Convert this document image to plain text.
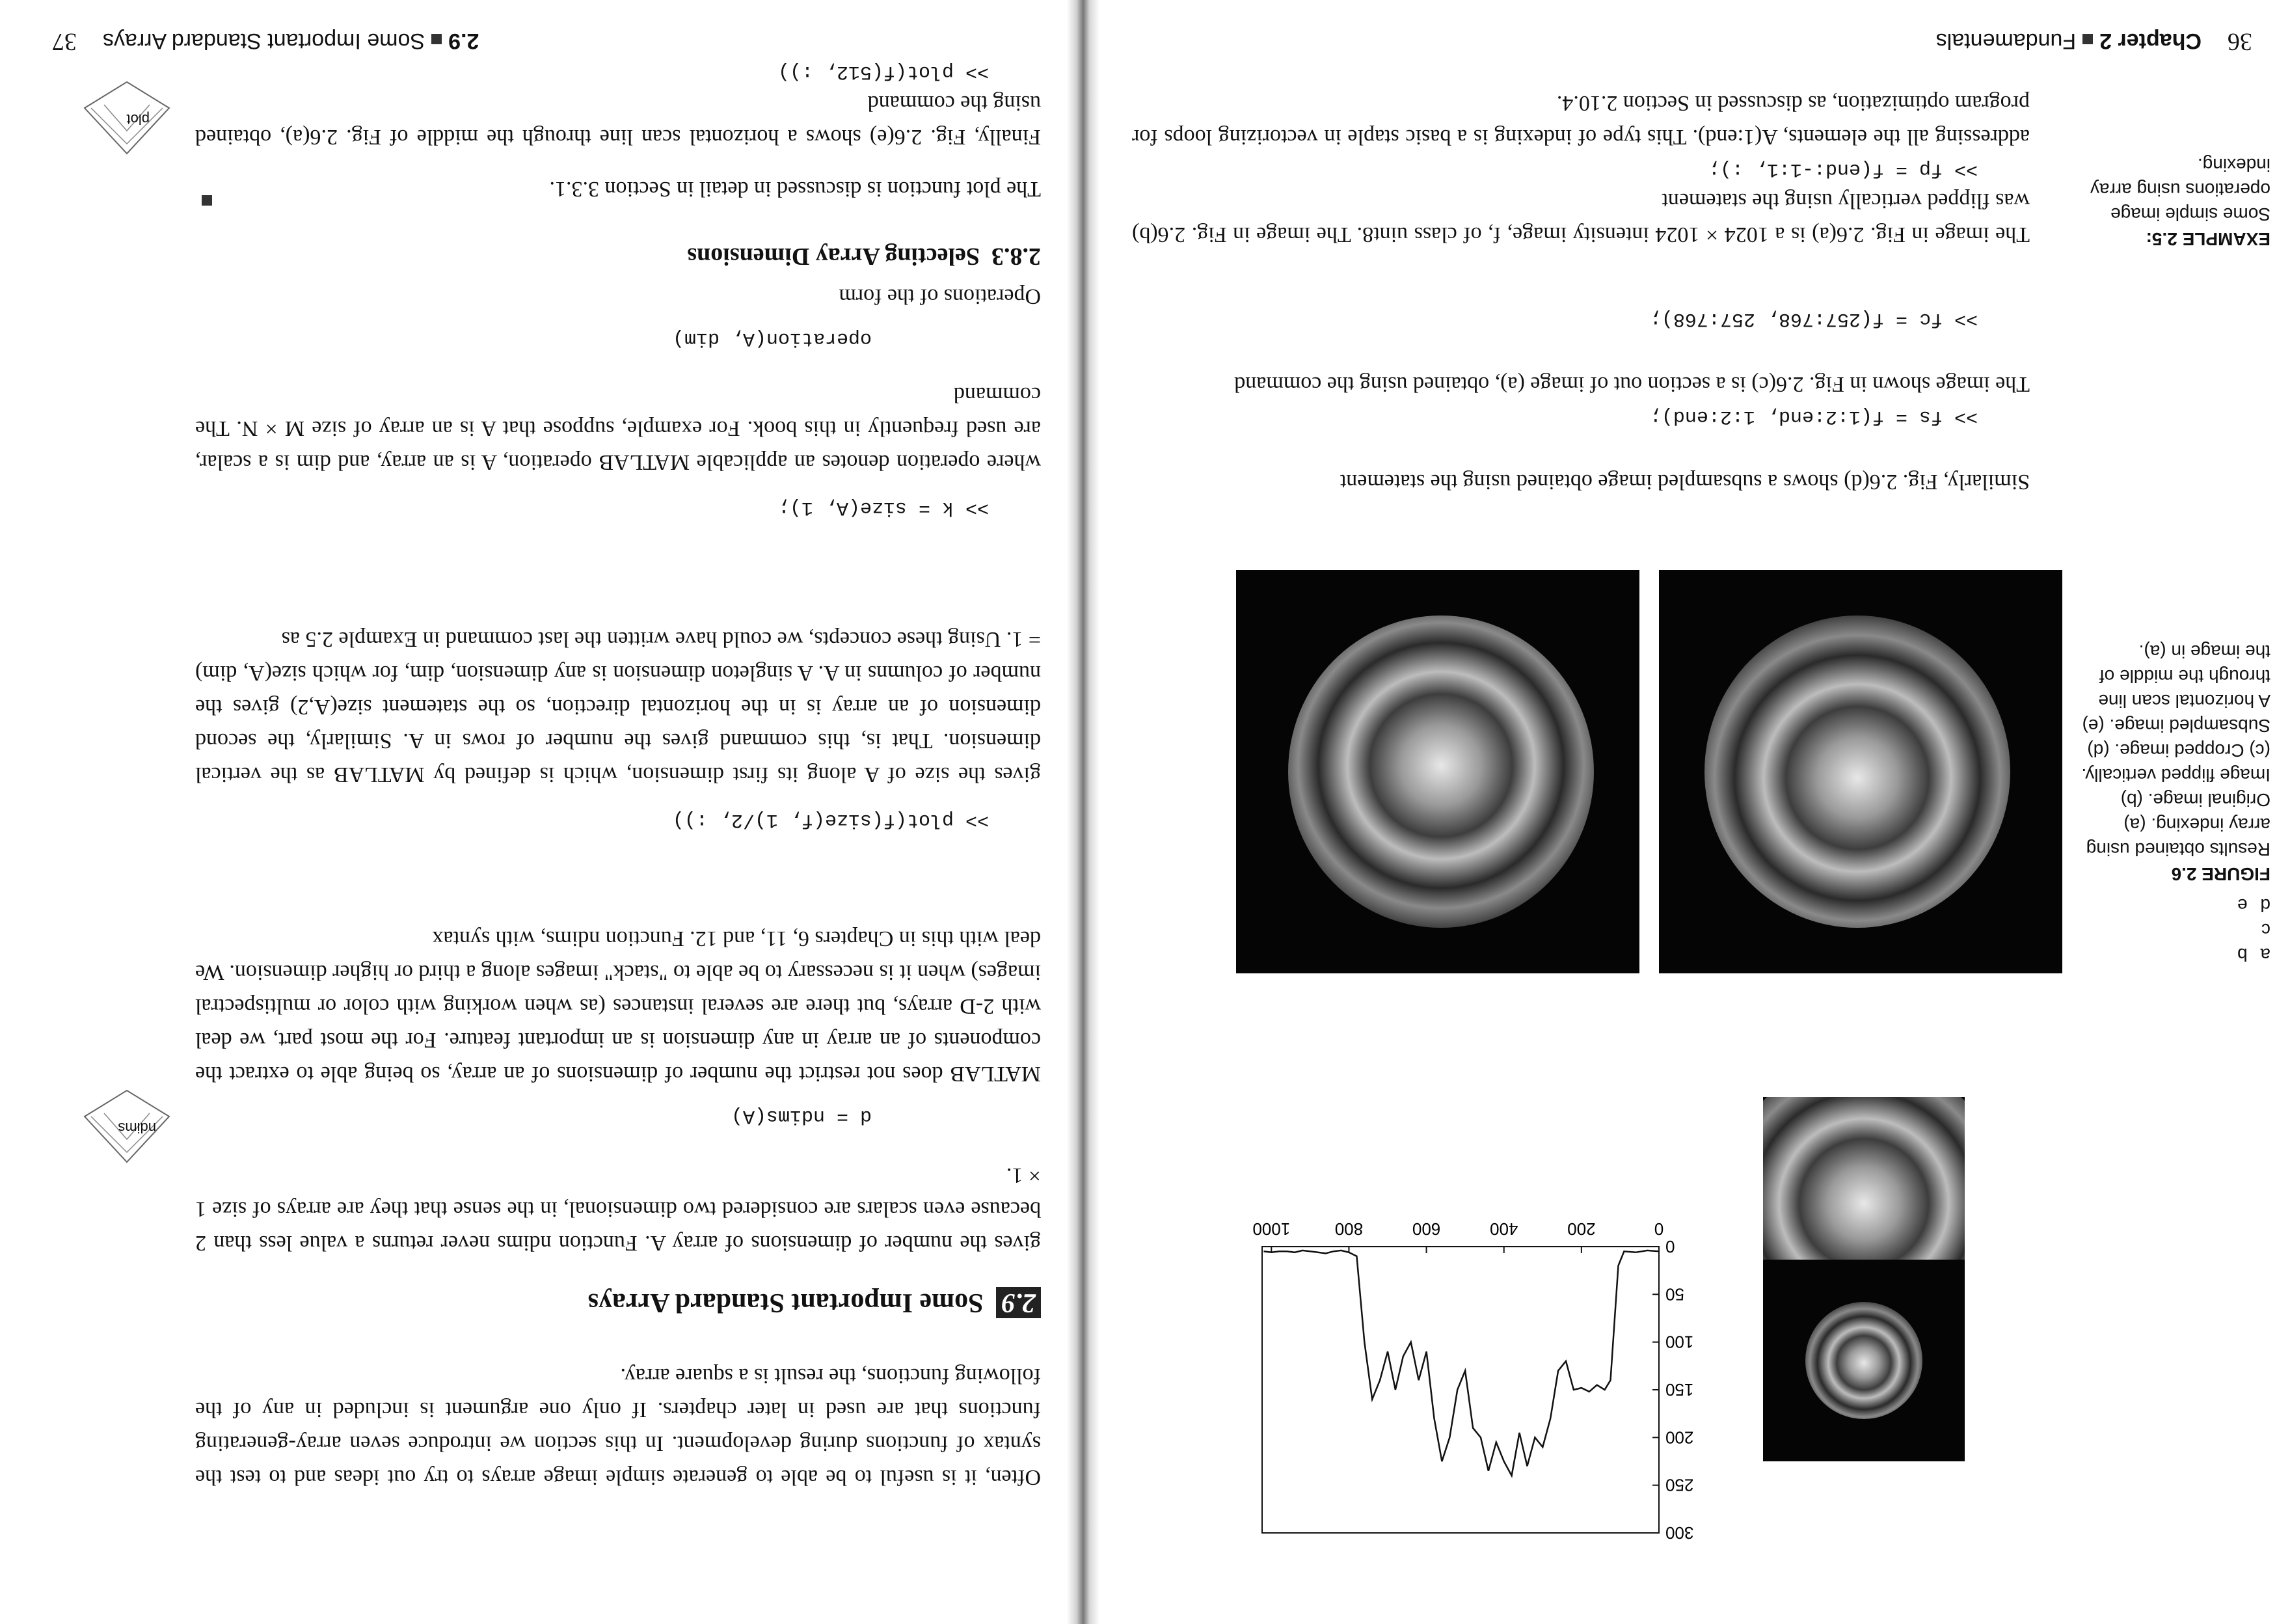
36
Chapter 2
Fundamentals

addressing all the elements, A(1:end). This type of indexing is a basic staple in vectorizing loops for program optimization, as discussed in Section 2.10.4.

EXAMPLE 2.5:
Some simple image operations using array indexing.

The image in Fig. 2.6(a) is a 1024 × 1024 intensity image, f, of class uint8. The image in Fig. 2.6(b) was flipped vertically using the statement

>> fp = f(end:-1:1, :);

The image shown in Fig. 2.6(c) is a section out of image (a), obtained using the command

>> fc = f(257:768, 257:768);

Similarly, Fig. 2.6(d) shows a subsampled image obtained using the statement

>> fs = f(1:2:end, 1:2:end);
a b
c
d e
FIGURE 2.6
Results obtained using array indexing. (a) Original image. (b) Image flipped vertically. (c) Cropped image. (d) Subsampled image. (e) A horizontal scan line through the middle of the image in (a).
0
200
400
600
800
1000
0
50
100
150
200
250
300
2.9
Some Important Standard Arrays
37

Finally, Fig. 2.6(e) shows a horizontal scan line through the middle of Fig. 2.6(a), obtained using the command

>> plot(f(512, :))
plot
The plot function is discussed in detail in Section 3.3.1.
2.8.3 Selecting Array Dimensions

Operations of the form

operation(A, dim)

where operation denotes an applicable MATLAB operation, A is an array, and dim is a scalar, are used frequently in this book. For example, suppose that A is an array of size M × N. The command

>> k = size(A, 1);

gives the size of A along its first dimension, which is defined by MATLAB as the vertical dimension. That is, this command gives the number of rows in A. Similarly, the second dimension of an array is in the horizontal direction, so the statement size(A,2) gives the number of columns in A. A singleton dimension is any dimension, dim, for which size(A, dim) = 1. Using these concepts, we could have written the last command in Example 2.5 as

>> plot(f(size(f, 1)/2, :))

MATLAB does not restrict the number of dimensions of an array, so being able to extract the components of an array in any dimension is an important feature. For the most part, we deal with 2-D arrays, but there are several instances (as when working with color or multispectral images) when it is necessary to be able to "stack" images along a third or higher dimension. We deal with this in Chapters 6, 11, and 12. Function ndims, with syntax

d = ndims(A)
ndims

gives the number of dimensions of array A. Function ndims never returns a value less than 2 because even scalars are considered two dimensional, in the sense that they are arrays of size 1 × 1.

2.9 Some Important Standard Arrays

Often, it is useful to be able to generate simple image arrays to try out ideas and to test the syntax of functions during development. In this section we introduce seven array-generating functions that are used in later chapters. If only one argument is included in any of the following functions, the result is a square array.
